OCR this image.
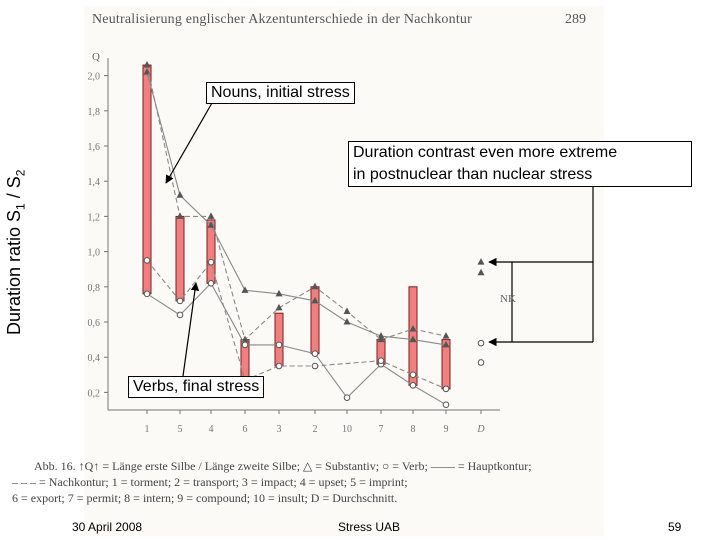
Neutralisierung englischer Akzentunterschiede in der Nachkontur	289
Duration ratio $S_1 / S_2$
Q
0,2
0,4
0,6
0,8
1,0
1,2
1,4
1,6
1,8
2,0
1	5	4	6	3	2 10	7	8	9	D
NK
Nouns, initial stress
Duration contrast even more extreme
in postnuclear than nuclear stress
Verbs, final stress
Abb. 16. ↑Q↑ = Länge erste Silbe / Länge zweite Silbe; △ = Substantiv; ○ = Verb; —— = Hauptkontur;
– – – = Nachkontur; 1 = torment; 2 = transport; 3 = impact; 4 = upset; 5 = imprint;
6 = export; 7 = permit; 8 = intern; 9 = compound; 10 = insult; D = Durchschnitt.
30 April 2008	Stress UAB	59
